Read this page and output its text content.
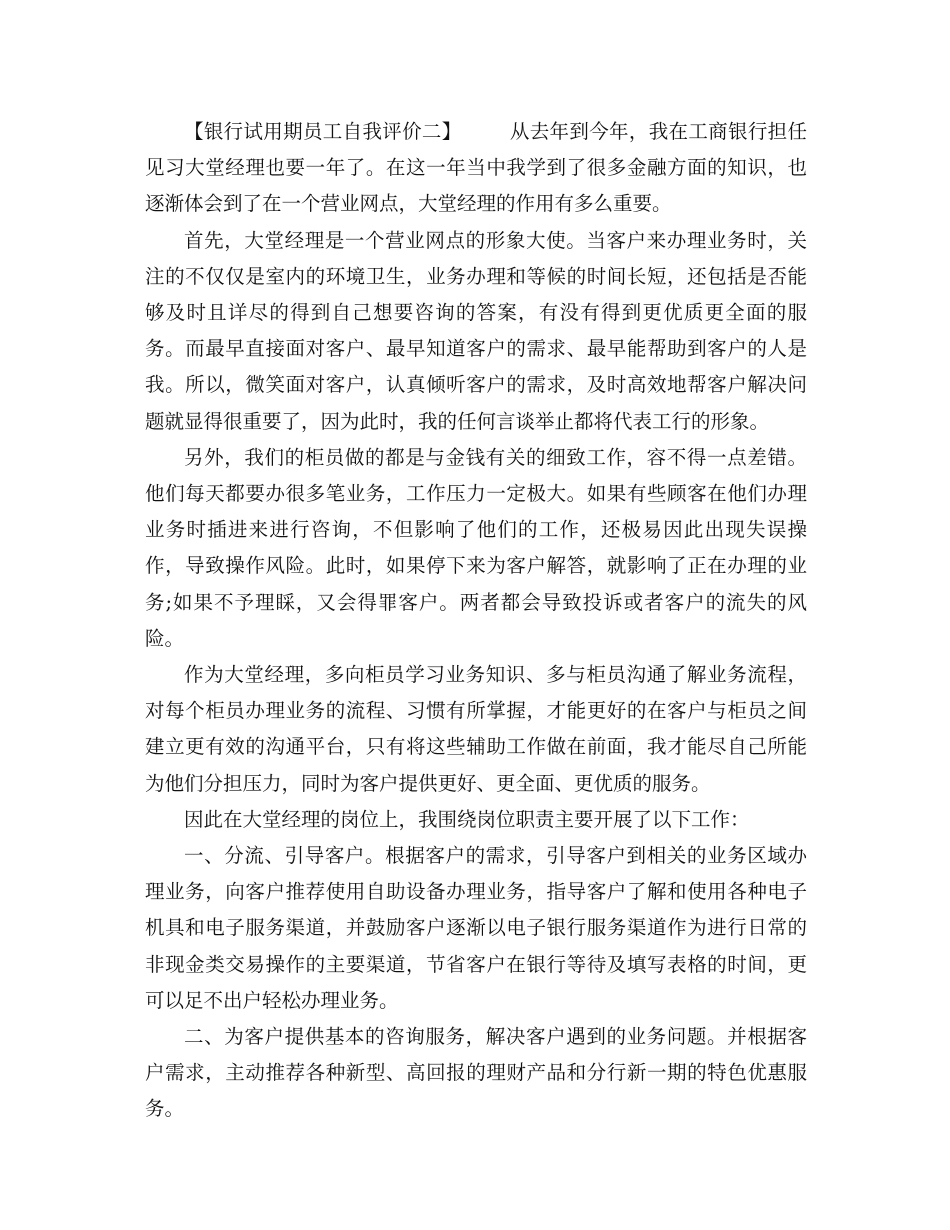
【银行试用期员工自我评价二】 从去年到今年，我在工商银行担任见习大堂经理也要一年了。在这一年当中我学到了很多金融方面的知识，也逐渐体会到了在一个营业网点，大堂经理的作用有多么重要。

首先，大堂经理是一个营业网点的形象大使。当客户来办理业务时，关注的不仅仅是室内的环境卫生，业务办理和等候的时间长短，还包括是否能够及时且详尽的得到自己想要咨询的答案，有没有得到更优质更全面的服务。而最早直接面对客户、最早知道客户的需求、最早能帮助到客户的人是我。所以，微笑面对客户，认真倾听客户的需求，及时高效地帮客户解决问题就显得很重要了，因为此时，我的任何言谈举止都将代表工行的形象。

另外，我们的柜员做的都是与金钱有关的细致工作，容不得一点差错。他们每天都要办很多笔业务，工作压力一定极大。如果有些顾客在他们办理业务时插进来进行咨询，不但影响了他们的工作，还极易因此出现失误操作，导致操作风险。此时，如果停下来为客户解答，就影响了正在办理的业务;如果不予理睬，又会得罪客户。两者都会导致投诉或者客户的流失的风险。

作为大堂经理，多向柜员学习业务知识、多与柜员沟通了解业务流程，对每个柜员办理业务的流程、习惯有所掌握，才能更好的在客户与柜员之间建立更有效的沟通平台，只有将这些辅助工作做在前面，我才能尽自己所能为他们分担压力，同时为客户提供更好、更全面、更优质的服务。

因此在大堂经理的岗位上，我围绕岗位职责主要开展了以下工作：

一、分流、引导客户。根据客户的需求，引导客户到相关的业务区域办理业务，向客户推荐使用自助设备办理业务，指导客户了解和使用各种电子机具和电子服务渠道，并鼓励客户逐渐以电子银行服务渠道作为进行日常的非现金类交易操作的主要渠道，节省客户在银行等待及填写表格的时间，更可以足不出户轻松办理业务。

二、为客户提供基本的咨询服务，解决客户遇到的业务问题。并根据客户需求，主动推荐各种新型、高回报的理财产品和分行新一期的特色优惠服务。
